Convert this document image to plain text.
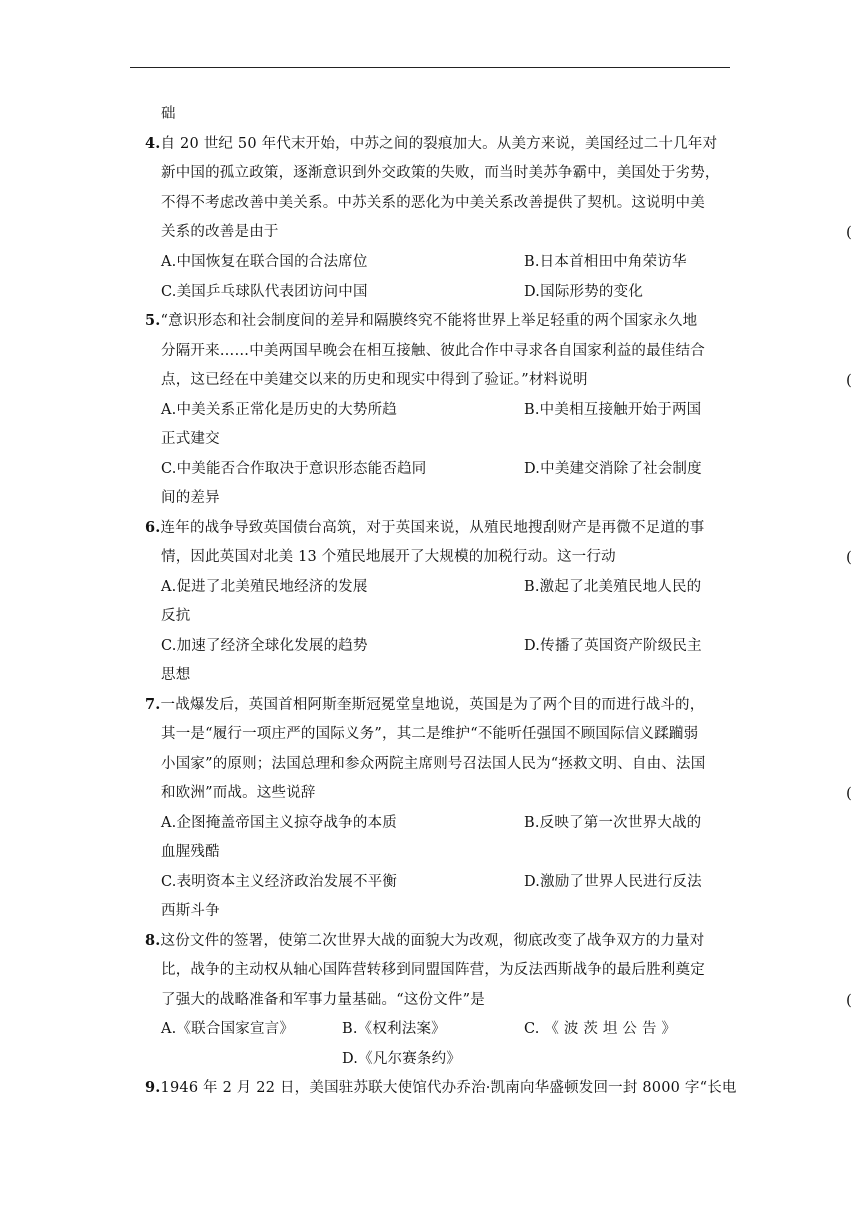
础
4.自 20 世纪 50 年代末开始，中苏之间的裂痕加大。从美方来说，美国经过二十几年对
新中国的孤立政策，逐渐意识到外交政策的失败，而当时美苏争霸中，美国处于劣势，
不得不考虑改善中美关系。中苏关系的恶化为中美关系改善提供了契机。这说明中美
关系的改善是由于	(
A.中国恢复在联合国的合法席位	B.日本首相田中角荣访华
C.美国乒乓球队代表团访问中国	D.国际形势的变化
5.“意识形态和社会制度间的差异和隔膜终究不能将世界上举足轻重的两个国家永久地
分隔开来……中美两国早晚会在相互接触、彼此合作中寻求各自国家利益的最佳结合
点，这已经在中美建交以来的历史和现实中得到了验证。”材料说明	(
A.中美关系正常化是历史的大势所趋	B.中美相互接触开始于两国
正式建交
C.中美能否合作取决于意识形态能否趋同	D.中美建交消除了社会制度
间的差异
6.连年的战争导致英国债台高筑，对于英国来说，从殖民地搜刮财产是再微不足道的事
情，因此英国对北美 13 个殖民地展开了大规模的加税行动。这一行动	(
A.促进了北美殖民地经济的发展	B.激起了北美殖民地人民的
反抗
C.加速了经济全球化发展的趋势	D.传播了英国资产阶级民主
思想
7.一战爆发后，英国首相阿斯奎斯冠冕堂皇地说，英国是为了两个目的而进行战斗的，
其一是“履行一项庄严的国际义务”，其二是维护“不能听任强国不顾国际信义蹂躏弱
小国家”的原则；法国总理和参众两院主席则号召法国人民为“拯救文明、自由、法国
和欧洲”而战。这些说辞	(
A.企图掩盖帝国主义掠夺战争的本质	B.反映了第一次世界大战的
血腥残酷
C.表明资本主义经济政治发展不平衡	D.激励了世界人民进行反法
西斯斗争
8.这份文件的签署，使第二次世界大战的面貌大为改观，彻底改变了战争双方的力量对
比，战争的主动权从轴心国阵营转移到同盟国阵营，为反法西斯战争的最后胜利奠定
了强大的战略准备和军事力量基础。“这份文件”是	(
A.《联合国家宣言》	B.《权利法案》	C. 《 波 茨 坦 公 告 》
D.《凡尔赛条约》
9.1946 年 2 月 22 日，美国驻苏联大使馆代办乔治·凯南向华盛顿发回一封 8000 字“长电
